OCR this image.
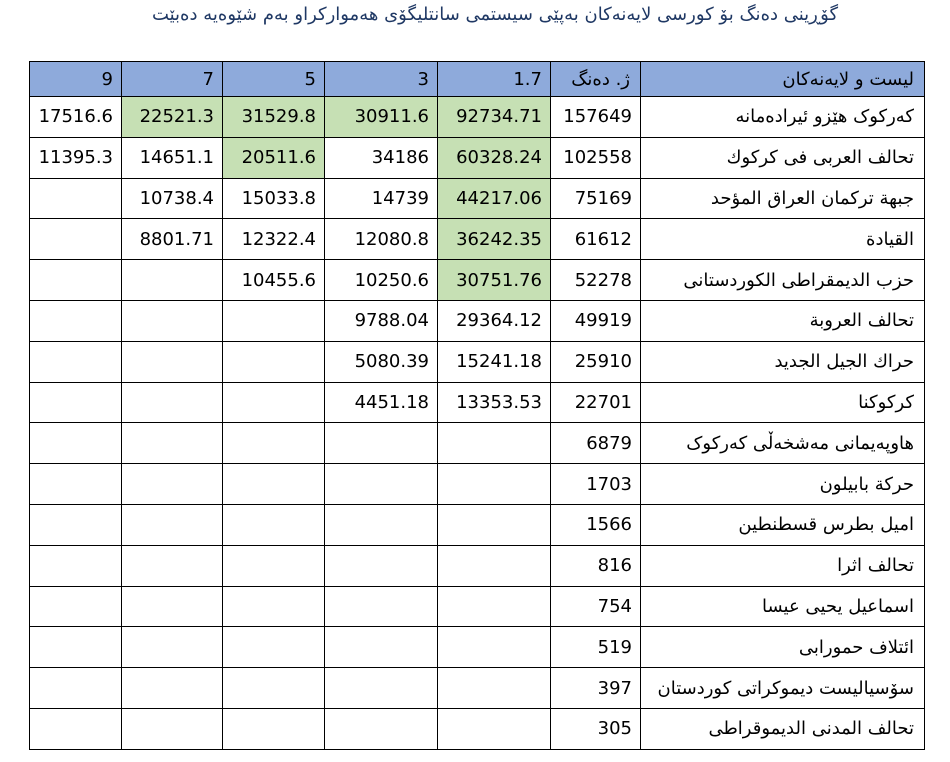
گۆڕینی دەنگ بۆ کورسی لایەنەکان بەپێی سیستمی سانتلیگۆی هەموارکراو بەم شێوەیە دەبێت
9	7	5	3	1.7	ژ. دەنگ	لیست و لایەنەکان
17516.6	22521.3	31529.8	30911.6	92734.71	157649	کەرکوک هێزو ئیرادەمانە
11395.3	14651.1	20511.6	34186	60328.24	102558	تحالف العربی فی كركوك
	10738.4	15033.8	14739	44217.06	75169	جبهة تركمان العراق المؤحد
	8801.71	12322.4	12080.8	36242.35	61612	القيادة
		10455.6	10250.6	30751.76	52278	حزب الديمقراطی الكوردستانی
			9788.04	29364.12	49919	تحالف العروبة
			5080.39	15241.18	25910	حراك الجيل الجديد
			4451.18	13353.53	22701	كركوكنا
					6879	هاوپەیمانی مەشخەڵی کەرکوک
					1703	حركة بابيلون
					1566	اميل بطرس قسطنطين
					816	تحالف اثرا
					754	اسماعيل يحيى عيسا
					519	ائتلاف حمورابی
					397	سۆسیالیست دیموکراتی کوردستان
					305	تحالف المدنی الديموقراطی
